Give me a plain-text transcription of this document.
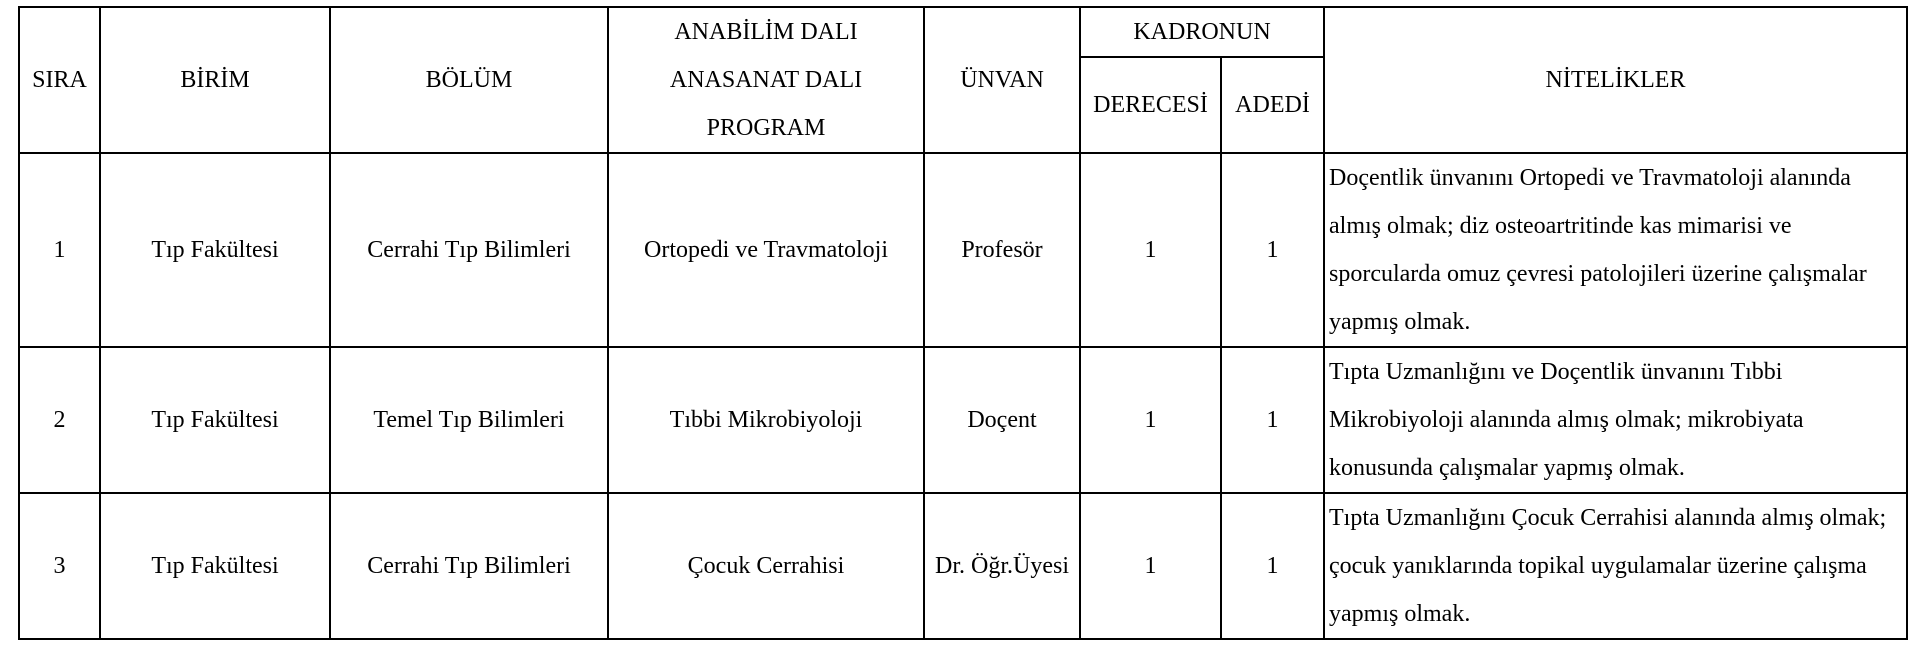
SIRA	BİRİM	BÖLÜM	ANABİLİM DALI ANASANAT DALI PROGRAM	ÜNVAN	KADRONUN		NİTELİKLER
					DERECESİ	ADEDİ	
1	Tıp Fakültesi	Cerrahi Tıp Bilimleri	Ortopedi ve Travmatoloji	Profesör	1	1	Doçentlik ünvanını Ortopedi ve Travmatoloji alanında almış olmak; diz osteoartritinde kas mimarisi ve sporcularda omuz çevresi patolojileri üzerine çalışmalar yapmış olmak.
2	Tıp Fakültesi	Temel Tıp Bilimleri	Tıbbi Mikrobiyoloji	Doçent	1	1	Tıpta Uzmanlığını ve Doçentlik ünvanını Tıbbi Mikrobiyoloji alanında almış olmak; mikrobiyata konusunda çalışmalar yapmış olmak.
3	Tıp Fakültesi	Cerrahi Tıp Bilimleri	Çocuk Cerrahisi	Dr. Öğr.Üyesi	1	1	Tıpta Uzmanlığını Çocuk Cerrahisi alanında almış olmak; çocuk yanıklarında topikal uygulamalar üzerine çalışma yapmış olmak.
